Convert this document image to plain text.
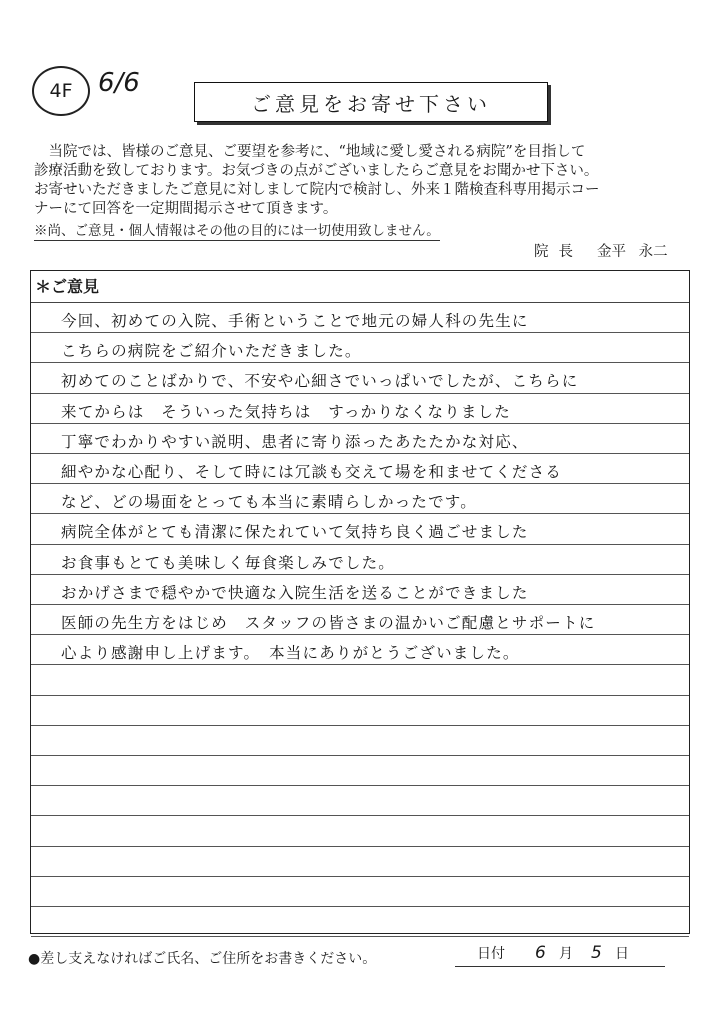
4F 6/6
ご意見をお寄せ下さい

当院では、皆様のご意見、ご要望を参考に、“地域に愛し愛される病院”を目指して

診療活動を致しております。お気づきの点がございましたらご意見をお聞かせ下さい。

お寄せいただきましたご意見に対しまして院内で検討し、外来１階検査科専用掲示コー

ナーにて回答を一定期間掲示させて頂きます。

※尚、ご意見・個人情報はその他の目的には一切使用致しません。
院長 金平 永二
＊ご意見
今回、初めての入院、手術ということで地元の婦人科の先生に
こちらの病院をご紹介いただきました。
初めてのことばかりで、不安や心細さでいっぱいでしたが、こちらに
来てからは　そういった気持ちは　すっかりなくなりました
丁寧でわかりやすい説明、患者に寄り添ったあたたかな対応、
細やかな心配り、そして時には冗談も交えて場を和ませてくださる
など、どの場面をとっても本当に素晴らしかったです。
病院全体がとても清潔に保たれていて気持ち良く過ごせました
お食事もとても美味しく毎食楽しみでした。
おかげさまで穏やかで快適な入院生活を送ることができました
医師の先生方をはじめ　スタッフの皆さまの温かいご配慮とサポートに
心より感謝申し上げます。　本当にありがとうございました。
●差し支えなければご氏名、ご住所をお書きください。	日付 6 月 5 日
